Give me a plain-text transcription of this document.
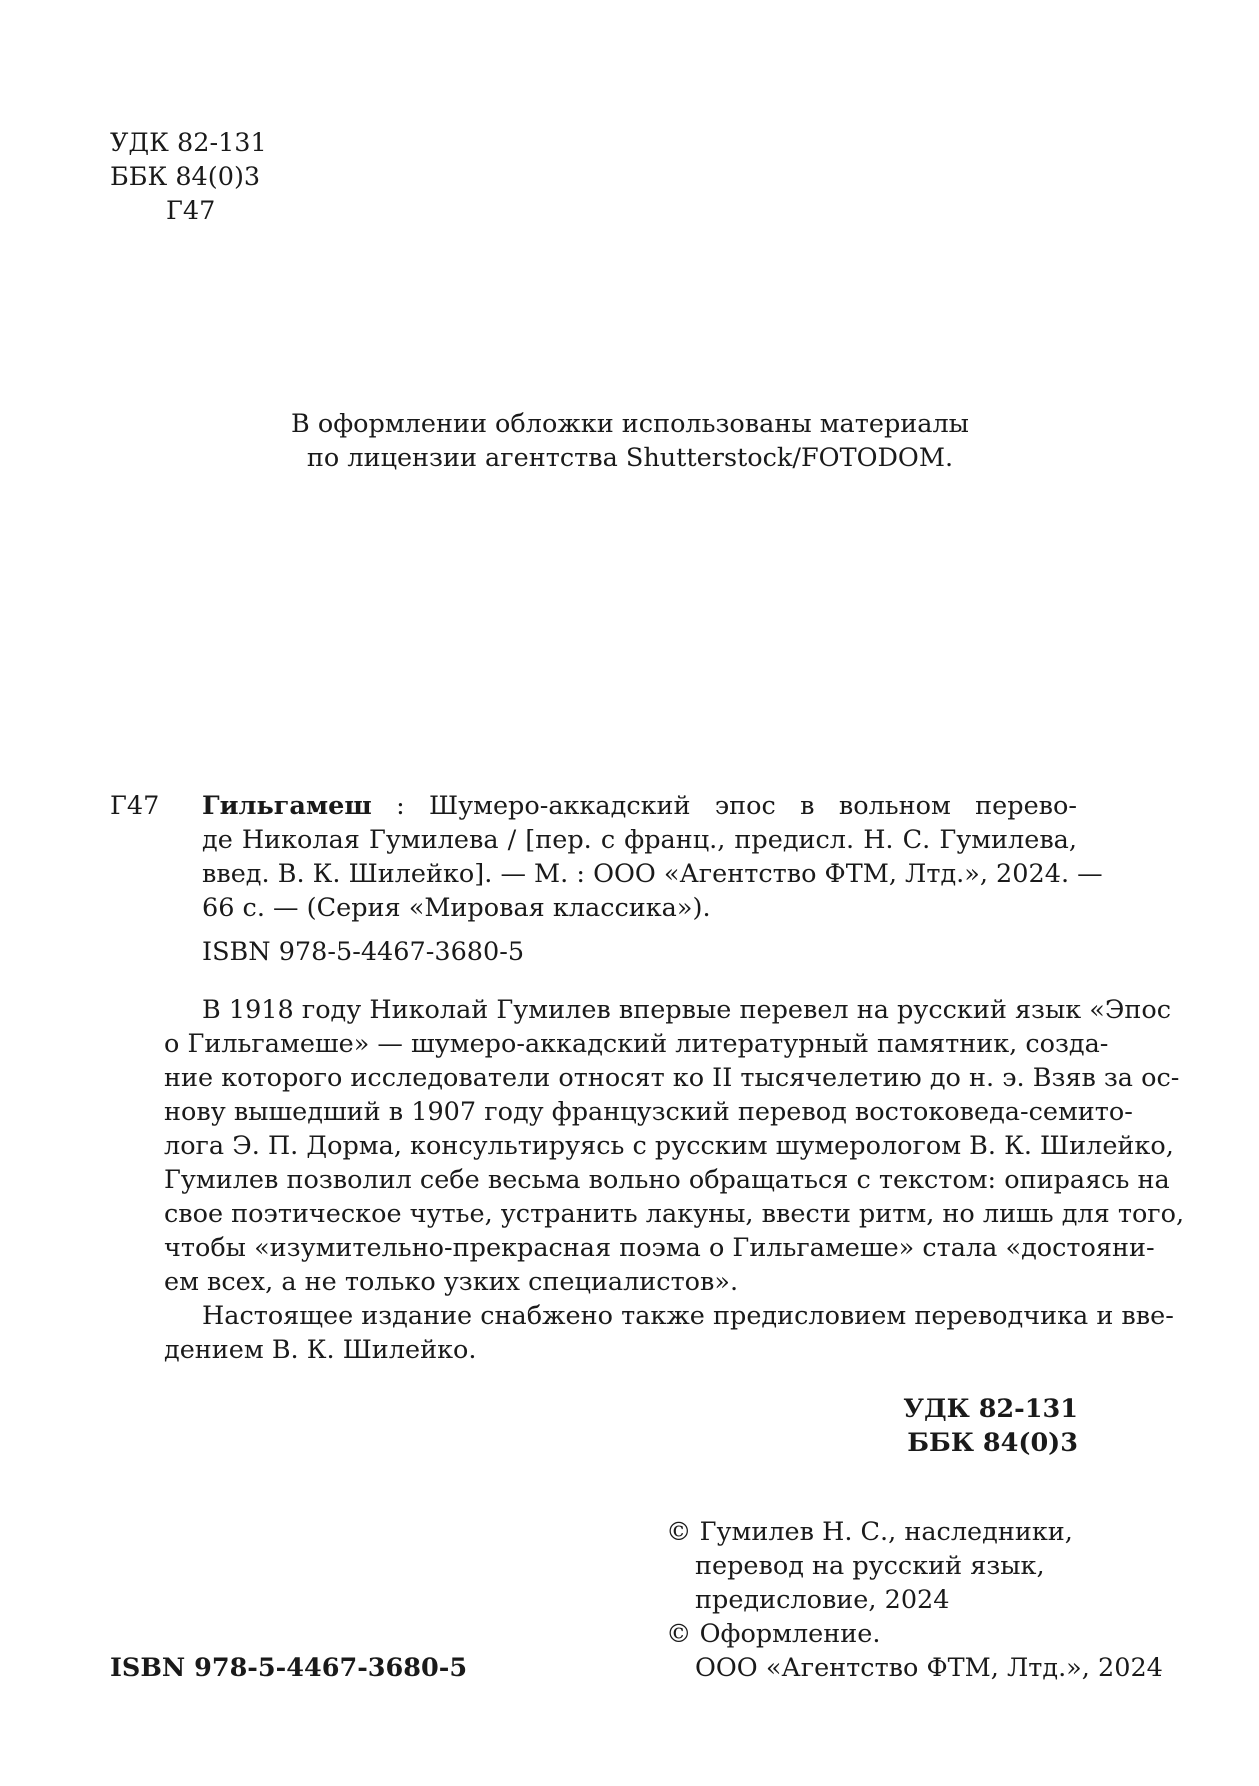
УДК 82-131
ББК 84(0)3
Г47
В оформлении обложки использованы материалы
по лицензии агентства Shutterstock/FOTODOM.
Г47 Гильгамеш : Шумеро-аккадский эпос в вольном перево-
де Николая Гумилева / [пер. с франц., предисл. Н. С. Гумилева,
введ. В. К. Шилейко]. — М. : ООО «Агентство ФТМ, Лтд.», 2024. —
66 с. — (Серия «Мировая классика»).
ISBN 978-5-4467-3680-5
В 1918 году Николай Гумилев впервые перевел на русский язык «Эпос
о Гильгамеше» — шумеро-аккадский литературный памятник, созда-
ние которого исследователи относят ко II тысячелетию до н. э. Взяв за ос-
нову вышедший в 1907 году французский перевод востоковеда-семито-
лога Э. П. Дорма, консультируясь с русским шумерологом В. К. Шилейко,
Гумилев позволил себе весьма вольно обращаться с текстом: опираясь на
свое поэтическое чутье, устранить лакуны, ввести ритм, но лишь для того,
чтобы «изумительно-прекрасная поэма о Гильгамеше» стала «достояни-
ем всех, а не только узких специалистов».
Настоящее издание снабжено также предисловием переводчика и вве-
дением В. К. Шилейко.
УДК 82-131
ББК 84(0)3
© Гумилев Н. С., наследники,
перевод на русский язык,
предисловие, 2024
© Оформление.
ООО «Агентство ФТМ, Лтд.», 2024
ISBN 978-5-4467-3680-5
